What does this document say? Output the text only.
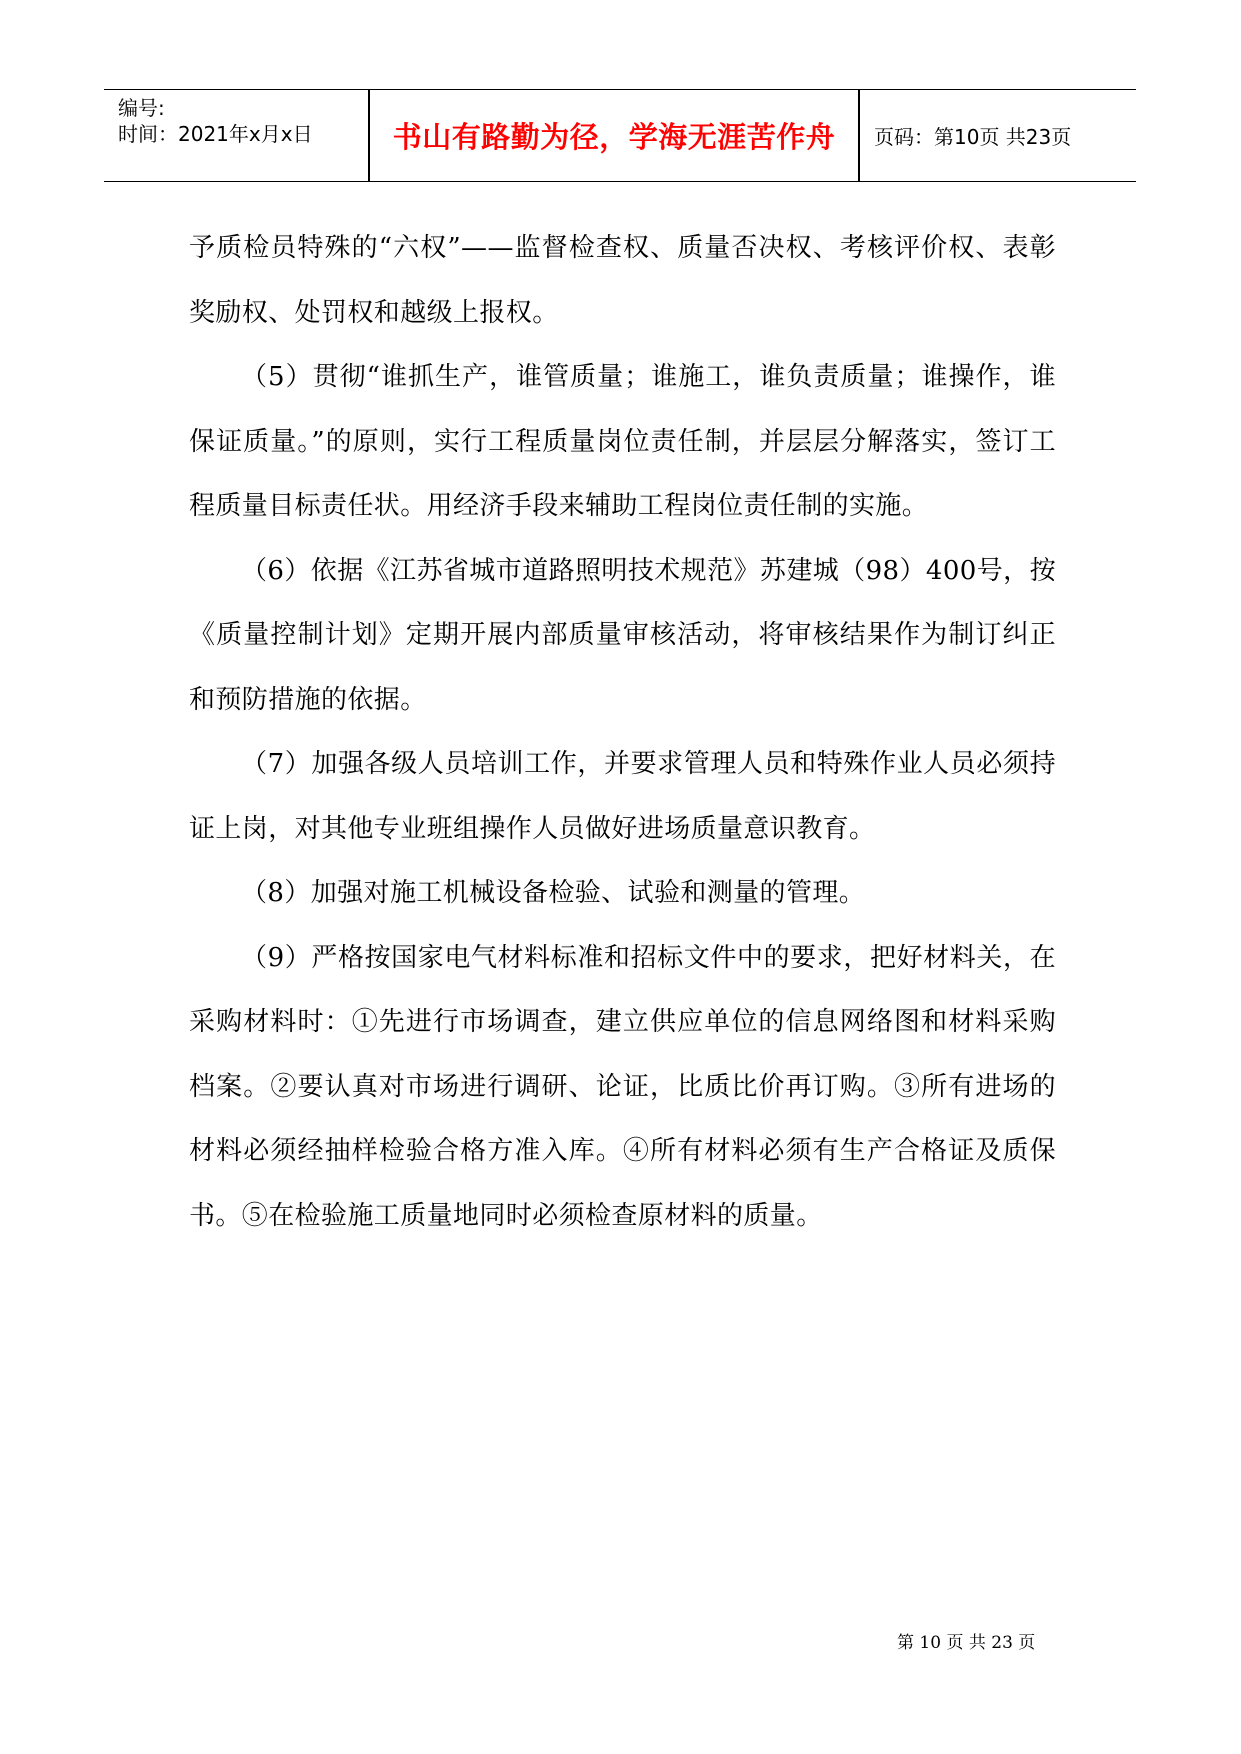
编号:
时间：2021年x月x日	书山有路勤为径，学海无涯苦作舟	页码：第10页 共23页

予质检员特殊的“六权”——监督检查权、质量否决权、考核评价权、表彰奖励权、处罚权和越级上报权。

（5）贯彻“谁抓生产，谁管质量；谁施工，谁负责质量；谁操作，谁保证质量。”的原则，实行工程质量岗位责任制，并层层分解落实，签订工程质量目标责任状。用经济手段来辅助工程岗位责任制的实施。

（6）依据《江苏省城市道路照明技术规范》苏建城（98）400号，按《质量控制计划》定期开展内部质量审核活动，将审核结果作为制订纠正和预防措施的依据。

（7）加强各级人员培训工作，并要求管理人员和特殊作业人员必须持证上岗，对其他专业班组操作人员做好进场质量意识教育。

（8）加强对施工机械设备检验、试验和测量的管理。

（9）严格按国家电气材料标准和招标文件中的要求，把好材料关，在采购材料时：①先进行市场调查，建立供应单位的信息网络图和材料采购档案。②要认真对市场进行调研、论证，比质比价再订购。③所有进场的材料必须经抽样检验合格方准入库。④所有材料必须有生产合格证及质保书。⑤在检验施工质量地同时必须检查原材料的质量。

第 10 页 共 23 页
